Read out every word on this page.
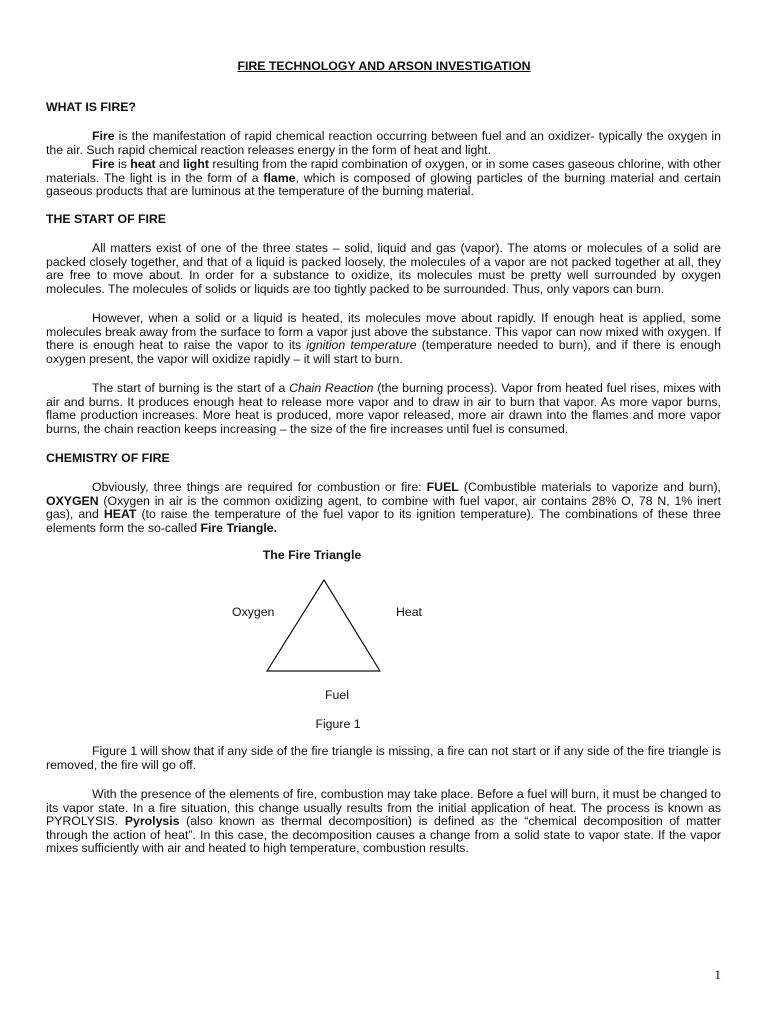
FIRE TECHNOLOGY AND ARSON INVESTIGATION
WHAT IS FIRE?

Fire is the manifestation of rapid chemical reaction occurring between fuel and an oxidizer- typically the oxygen in the air. Such rapid chemical reaction releases energy in the form of heat and light.

Fire is heat and light resulting from the rapid combination of oxygen, or in some cases gaseous chlorine, with other materials. The light is in the form of a flame, which is composed of glowing particles of the burning material and certain gaseous products that are luminous at the temperature of the burning material.

THE START OF FIRE

All matters exist of one of the three states – solid, liquid and gas (vapor). The atoms or molecules of a solid are packed closely together, and that of a liquid is packed loosely, the molecules of a vapor are not packed together at all, they are free to move about. In order for a substance to oxidize, its molecules must be pretty well surrounded by oxygen molecules. The molecules of solids or liquids are too tightly packed to be surrounded. Thus, only vapors can burn.

However, when a solid or a liquid is heated, its molecules move about rapidly. If enough heat is applied, some molecules break away from the surface to form a vapor just above the substance. This vapor can now mixed with oxygen. If there is enough heat to raise the vapor to its ignition temperature (temperature needed to burn), and if there is enough oxygen present, the vapor will oxidize rapidly – it will start to burn.

The start of burning is the start of a Chain Reaction (the burning process). Vapor from heated fuel rises, mixes with air and burns. It produces enough heat to release more vapor and to draw in air to burn that vapor. As more vapor burns, flame production increases. More heat is produced, more vapor released, more air drawn into the flames and more vapor burns, the chain reaction keeps increasing – the size of the fire increases until fuel is consumed.

CHEMISTRY OF FIRE

Obviously, three things are required for combustion or fire: FUEL (Combustible materials to vaporize and burn), OXYGEN (Oxygen in air is the common oxidizing agent, to combine with fuel vapor, air contains 28% O, 78 N, 1% inert gas), and HEAT (to raise the temperature of the fuel vapor to its ignition temperature). The combinations of these three elements form the so-called Fire Triangle.

The Fire Triangle
Oxygen	Heat
Fuel
Figure 1

Figure 1 will show that if any side of the fire triangle is missing, a fire can not start or if any side of the fire triangle is removed, the fire will go off.

With the presence of the elements of fire, combustion may take place. Before a fuel will burn, it must be changed to its vapor state. In a fire situation, this change usually results from the initial application of heat. The process is known as PYROLYSIS. Pyrolysis (also known as thermal decomposition) is defined as the “chemical decomposition of matter through the action of heat”. In this case, the decomposition causes a change from a solid state to vapor state. If the vapor mixes sufficiently with air and heated to high temperature, combustion results.

1
